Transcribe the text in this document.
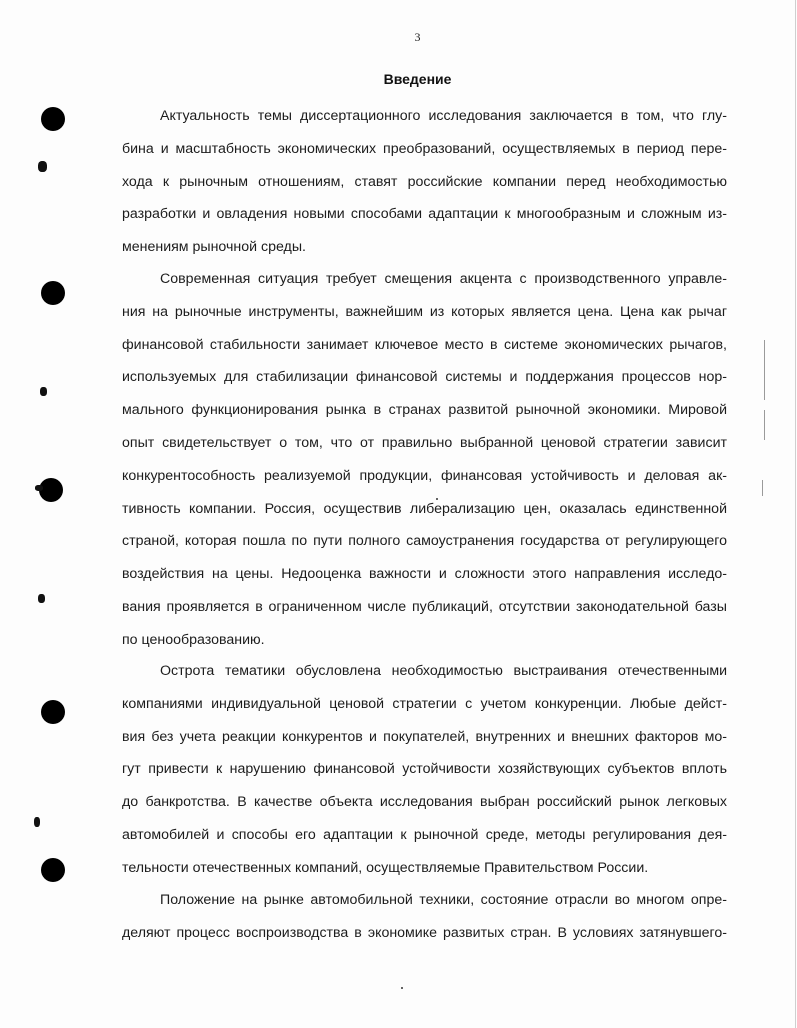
3
Введение
Актуальность темы диссертационного исследования заключается в том, что глу-
бина и масштабность экономических преобразований, осуществляемых в период пере-
хода к рыночным отношениям, ставят российские компании перед необходимостью
разработки и овладения новыми способами адаптации к многообразным и сложным из-
менениям рыночной среды.
Современная ситуация требует смещения акцента с производственного управле-
ния на рыночные инструменты, важнейшим из которых является цена. Цена как рычаг
финансовой стабильности занимает ключевое место в системе экономических рычагов,
используемых для стабилизации финансовой системы и поддержания процессов нор-
мального функционирования рынка в странах развитой рыночной экономики. Мировой
опыт свидетельствует о том, что от правильно выбранной ценовой стратегии зависит
конкурентособность реализуемой продукции, финансовая устойчивость и деловая ак-
тивность компании. Россия, осуществив либерализацию цен, оказалась единственной
страной, которая пошла по пути полного самоустранения государства от регулирующего
воздействия на цены. Недооценка важности и сложности этого направления исследо-
вания проявляется в ограниченном числе публикаций, отсутствии законодательной базы
по ценообразованию.
Острота тематики обусловлена необходимостью выстраивания отечественными
компаниями индивидуальной ценовой стратегии с учетом конкуренции. Любые дейст-
вия без учета реакции конкурентов и покупателей, внутренних и внешних факторов мо-
гут привести к нарушению финансовой устойчивости хозяйствующих субъектов вплоть
до банкротства. В качестве объекта исследования выбран российский рынок легковых
автомобилей и способы его адаптации к рыночной среде, методы регулирования дея-
тельности отечественных компаний, осуществляемые Правительством России.
Положение на рынке автомобильной техники, состояние отрасли во многом опре-
деляют процесс воспроизводства в экономике развитых стран. В условиях затянувшего-
